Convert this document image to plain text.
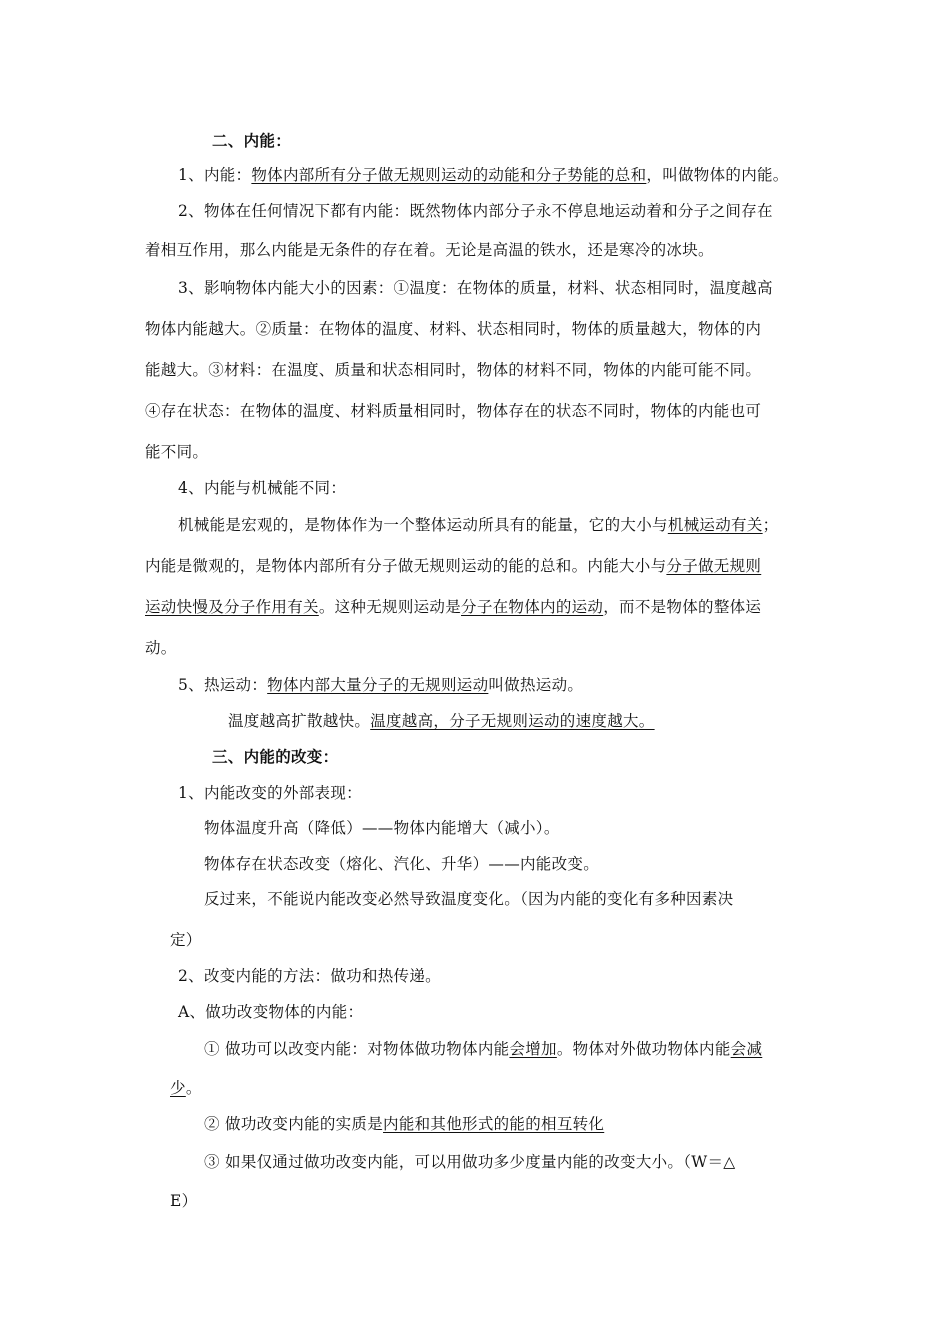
二、内能：
1、内能：物体内部所有分子做无规则运动的动能和分子势能的总和，叫做物体的内能。
2、物体在任何情况下都有内能：既然物体内部分子永不停息地运动着和分子之间存在
着相互作用，那么内能是无条件的存在着。无论是高温的铁水，还是寒冷的冰块。
3、影响物体内能大小的因素：①温度：在物体的质量，材料、状态相同时，温度越高
物体内能越大。②质量：在物体的温度、材料、状态相同时，物体的质量越大，物体的内
能越大。③材料：在温度、质量和状态相同时，物体的材料不同，物体的内能可能不同。
④存在状态：在物体的温度、材料质量相同时，物体存在的状态不同时，物体的内能也可
能不同。
4、内能与机械能不同：
机械能是宏观的，是物体作为一个整体运动所具有的能量，它的大小与机械运动有关；
内能是微观的，是物体内部所有分子做无规则运动的能的总和。内能大小与分子做无规则
运动快慢及分子作用有关。这种无规则运动是分子在物体内的运动，而不是物体的整体运
动。
5、热运动：物体内部大量分子的无规则运动叫做热运动。
温度越高扩散越快。温度越高，分子无规则运动的速度越大。
三、内能的改变：
1、内能改变的外部表现：
物体温度升高（降低）——物体内能增大（减小）。
物体存在状态改变（熔化、汽化、升华）——内能改变。
反过来，不能说内能改变必然导致温度变化。（因为内能的变化有多种因素决
定）
2、改变内能的方法：做功和热传递。
A、做功改变物体的内能：
① 做功可以改变内能：对物体做功物体内能会增加。物体对外做功物体内能会减
少。
② 做功改变内能的实质是内能和其他形式的能的相互转化
③ 如果仅通过做功改变内能，可以用做功多少度量内能的改变大小。（W＝△
E）
